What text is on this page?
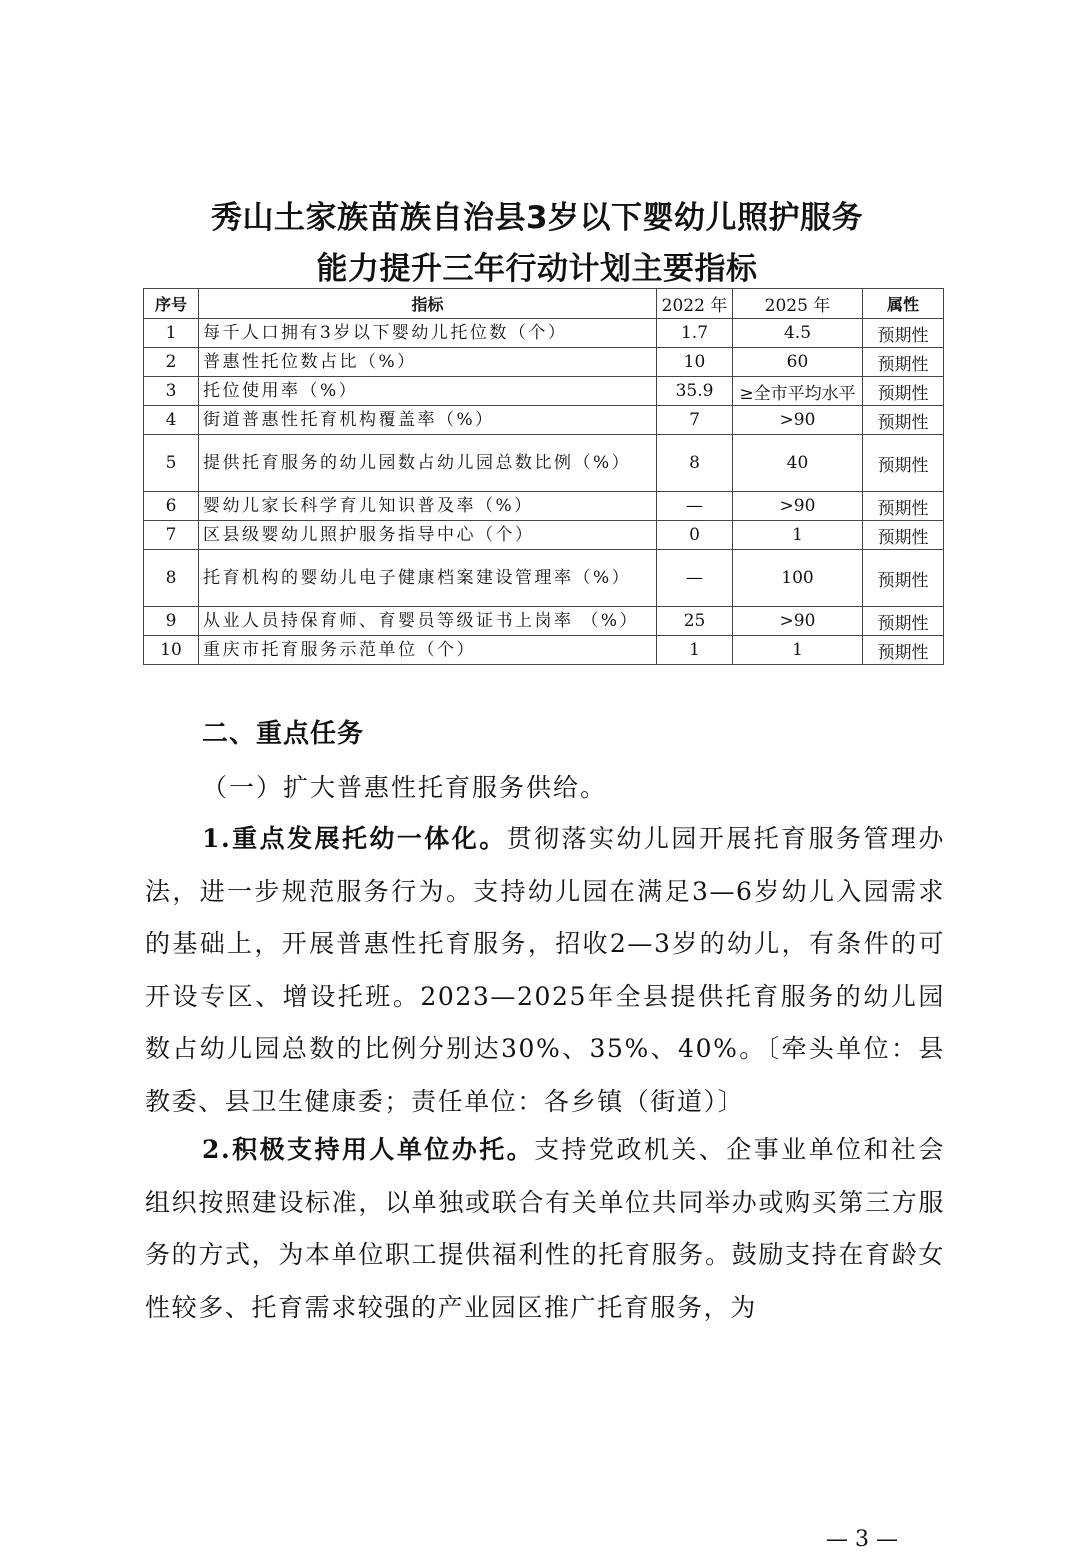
秀山土家族苗族自治县3岁以下婴幼儿照护服务
能力提升三年行动计划主要指标
序号	指标	2022 年	2025 年	属性
1	每千人口拥有3岁以下婴幼儿托位数（个）	1.7	4.5	预期性
2	普惠性托位数占比（%）	10	60	预期性
3	托位使用率（%）	35.9	≥全市平均水平	预期性
4	街道普惠性托育机构覆盖率（%）	7	>90	预期性
5	提供托育服务的幼儿园数占幼儿园总数比例（%）	8	40	预期性
6	婴幼儿家长科学育儿知识普及率（%）	—	>90	预期性
7	区县级婴幼儿照护服务指导中心（个）	0	1	预期性
8	托育机构的婴幼儿电子健康档案建设管理率（%）	—	100	预期性
9	从业人员持保育师、育婴员等级证书上岗率 （%）	25	>90	预期性
10	重庆市托育服务示范单位（个）	1	1	预期性
二、重点任务
（一）扩大普惠性托育服务供给。
1.重点发展托幼一体化。贯彻落实幼儿园开展托育服务管理办法，进一步规范服务行为。支持幼儿园在满足3—6岁幼儿入园需求的基础上，开展普惠性托育服务，招收2—3岁的幼儿，有条件的可开设专区、增设托班。2023—2025年全县提供托育服务的幼儿园数占幼儿园总数的比例分别达30%、35%、40%。〔牵头单位：县教委、县卫生健康委；责任单位：各乡镇（街道）〕
2.积极支持用人单位办托。支持党政机关、企事业单位和社会组织按照建设标准，以单独或联合有关单位共同举办或购买第三方服务的方式，为本单位职工提供福利性的托育服务。鼓励支持在育龄女性较多、托育需求较强的产业园区推广托育服务，为
— 3 —
